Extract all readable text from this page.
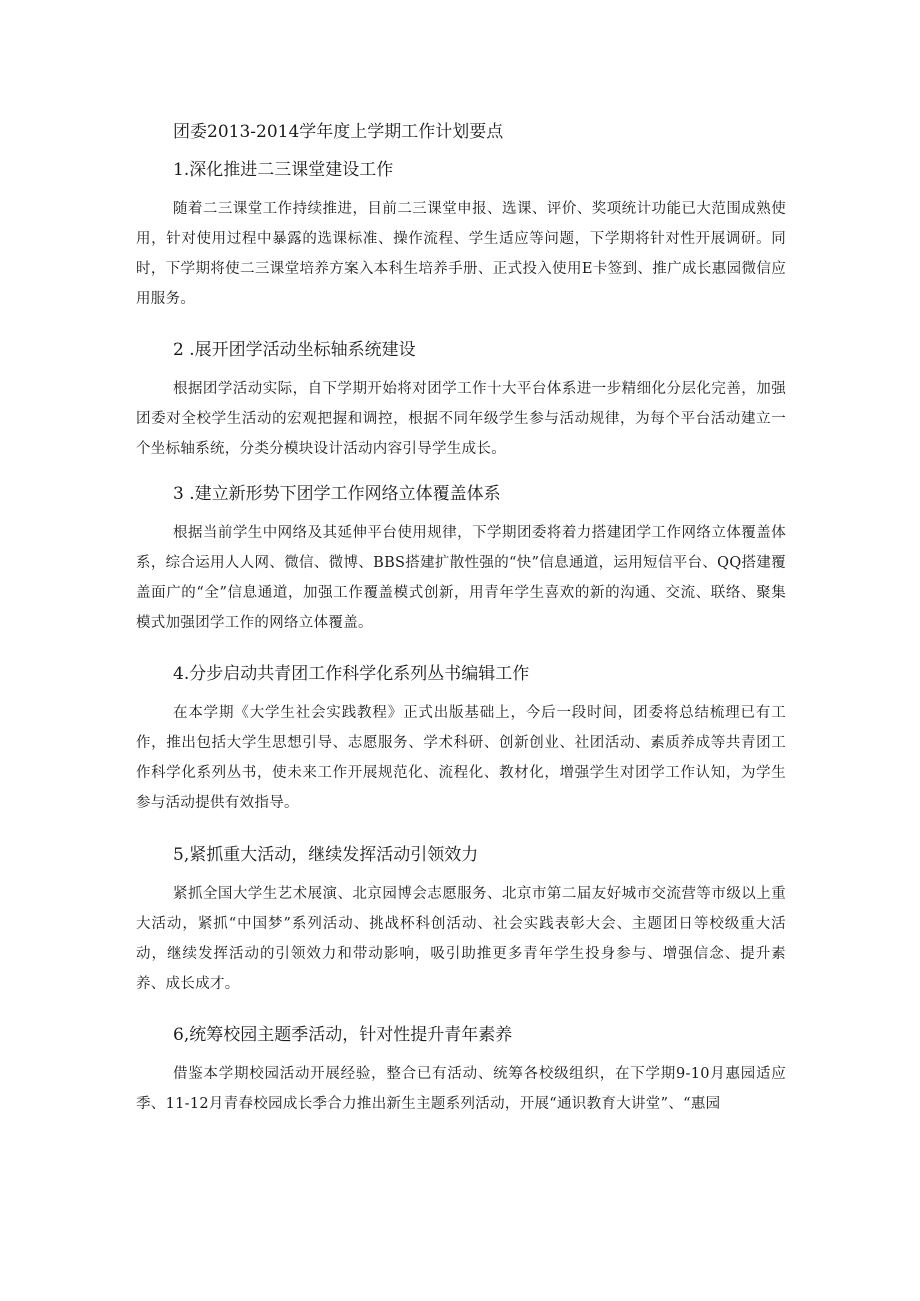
团委2013-2014学年度上学期工作计划要点
1.深化推进二三课堂建设工作

随着二三课堂工作持续推进，目前二三课堂申报、选课、评价、奖项统计功能已大范围成熟使用，针对使用过程中暴露的选课标准、操作流程、学生适应等问题，下学期将针对性开展调研。同时，下学期将使二三课堂培养方案入本科生培养手册、正式投入使用E卡签到、推广成长惠园微信应用服务。

2 .展开团学活动坐标轴系统建设

根据团学活动实际，自下学期开始将对团学工作十大平台体系进一步精细化分层化完善，加强团委对全校学生活动的宏观把握和调控，根据不同年级学生参与活动规律，为每个平台活动建立一个坐标轴系统，分类分模块设计活动内容引导学生成长。

3 .建立新形势下团学工作网络立体覆盖体系

根据当前学生中网络及其延伸平台使用规律，下学期团委将着力搭建团学工作网络立体覆盖体系，综合运用人人网、微信、微博、BBS搭建扩散性强的“快”信息通道，运用短信平台、QQ搭建覆盖面广的“全”信息通道，加强工作覆盖模式创新，用青年学生喜欢的新的沟通、交流、联络、聚集模式加强团学工作的网络立体覆盖。

4.分步启动共青团工作科学化系列丛书编辑工作

在本学期《大学生社会实践教程》正式出版基础上，今后一段时间，团委将总结梳理已有工作，推出包括大学生思想引导、志愿服务、学术科研、创新创业、社团活动、素质养成等共青团工作科学化系列丛书，使未来工作开展规范化、流程化、教材化，增强学生对团学工作认知，为学生参与活动提供有效指导。

5,紧抓重大活动，继续发挥活动引领效力

紧抓全国大学生艺术展演、北京园博会志愿服务、北京市第二届友好城市交流营等市级以上重大活动，紧抓“中国梦”系列活动、挑战杯科创活动、社会实践表彰大会、主题团日等校级重大活动，继续发挥活动的引领效力和带动影响，吸引助推更多青年学生投身参与、增强信念、提升素养、成长成才。

6,统筹校园主题季活动，针对性提升青年素养

借鉴本学期校园活动开展经验，整合已有活动、统筹各校级组织，在下学期9-10月惠园适应季、11-12月青春校园成长季合力推出新生主题系列活动，开展“通识教育大讲堂”、“惠园
